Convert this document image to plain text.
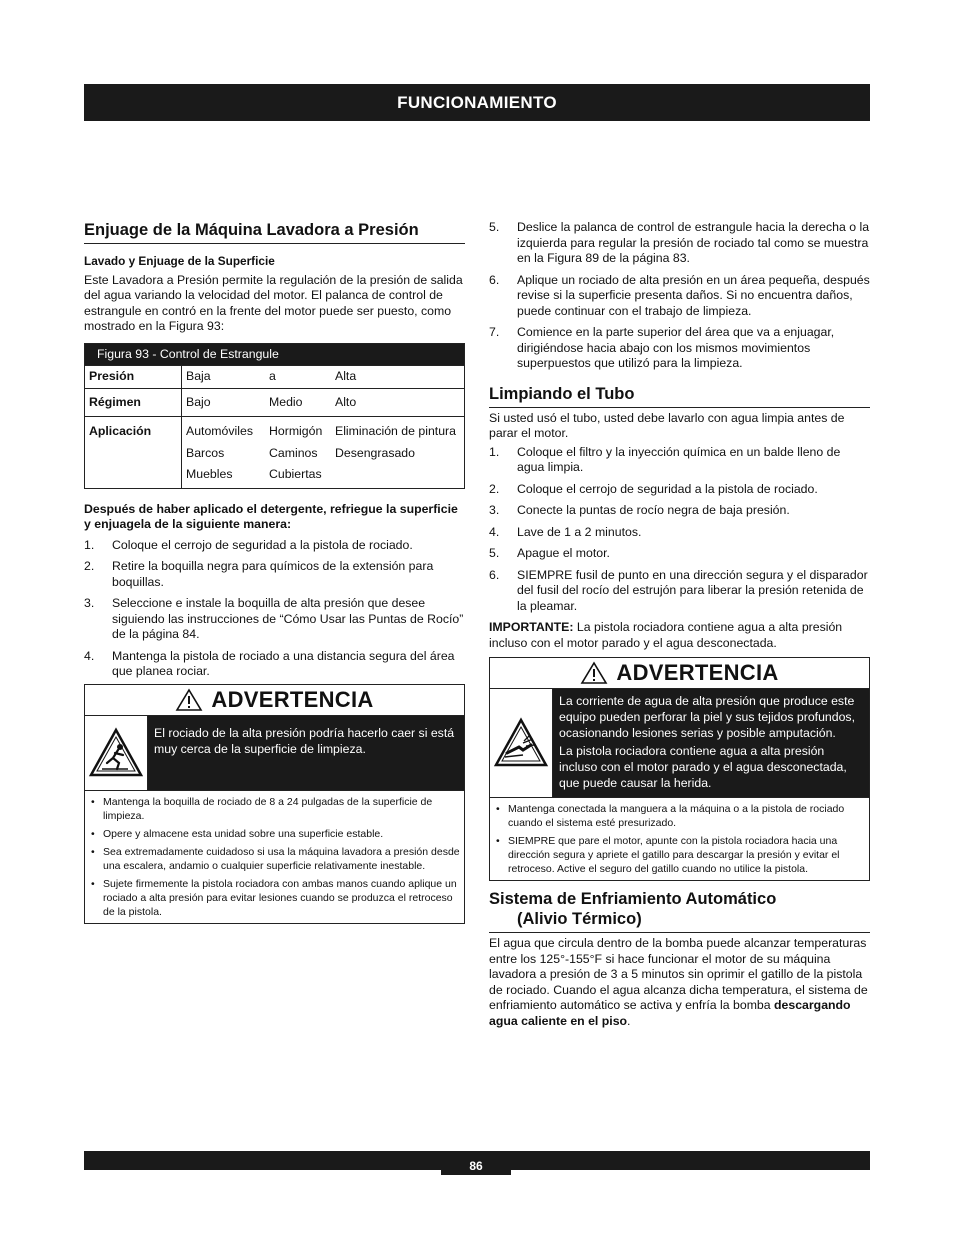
FUNCIONAMIENTO
Enjuage de la Máquina Lavadora a Presión
Lavado y Enjuage de la Superficie

Este Lavadora a Presión permite la regulación de la presión de salida del agua variando la velocidad del motor. El palanca de control de estrangule en contró en la frente del motor puede ser puesto, como mostrado en la Figura 93:

Figura 93 - Control de Estrangule
Presión	Baja	a	Alta
Régimen	Bajo	Medio	Alto
Aplicación	Automóviles	Hormigón	Eliminación de pintura
	Barcos	Caminos	Desengrasado
	Muebles	Cubiertas	

Después de haber aplicado el detergente, refriegue la superficie y enjuagela de la siguiente manera:

1. Coloque el cerrojo de seguridad a la pistola de rociado.
2. Retire la boquilla negra para químicos de la extensión para boquillas.
3. Seleccione e instale la boquilla de alta presión que desee siguiendo las instrucciones de “Cómo Usar las Puntas de Rocío” de la página 84.
4. Mantenga la pistola de rociado a una distancia segura del área que planea rociar.
ADVERTENCIA
El rociado de la alta presión podría hacerlo caer si está muy cerca de la superficie de limpieza.
• Mantenga la boquilla de rociado de 8 a 24 pulgadas de la superficie de limpieza.
• Opere y almacene esta unidad sobre una superficie estable.
• Sea extremadamente cuidadoso si usa la máquina lavadora a presión desde una escalera, andamio o cualquier superficie relativamente inestable.
• Sujete firmemente la pistola rociadora con ambas manos cuando aplique un rociado a alta presión para evitar lesiones cuando se produzca el retroceso de la pistola.
5. Deslice la palanca de control de estrangule hacia la derecha o la izquierda para regular la presión de rociado tal como se muestra en la Figura 89 de la página 83.
6. Aplique un rociado de alta presión en un área pequeña, después revise si la superficie presenta daños. Si no encuentra daños, puede continuar con el trabajo de limpieza.
7. Comience en la parte superior del área que va a enjuagar, dirigiéndose hacia abajo con los mismos movimientos superpuestos que utilizó para la limpieza.
Limpiando el Tubo

Si usted usó el tubo, usted debe lavarlo con agua limpia antes de parar el motor.

1. Coloque el filtro y la inyección química en un balde lleno de agua limpia.
2. Coloque el cerrojo de seguridad a la pistola de rociado.
3. Conecte la puntas de rocío negra de baja presión.
4. Lave de 1 a 2 minutos.
5. Apague el motor.
6. SIEMPRE fusil de punto en una dirección segura y el disparador del fusil del rocío del estrujón para liberar la presión retenida de la pleamar.

IMPORTANTE: La pistola rociadora contiene agua a alta presión incluso con el motor parado y el agua desconectada.

ADVERTENCIA
La corriente de agua de alta presión que produce este equipo pueden perforar la piel y sus tejidos profundos, ocasionando lesiones serias y posible amputación.
La pistola rociadora contiene agua a alta presión incluso con el motor parado y el agua desconectada, que puede causar la herida.
• Mantenga conectada la manguera a la máquina o a la pistola de rociado cuando el sistema esté presurizado.
• SIEMPRE que pare el motor, apunte con la pistola rociadora hacia una dirección segura y apriete el gatillo para descargar la presión y evitar el retroceso. Active el seguro del gatillo cuando no utilice la pistola.
Sistema de Enfriamiento Automático
(Alivio Térmico)

El agua que circula dentro de la bomba puede alcanzar temperaturas entre los 125°-155°F si hace funcionar el motor de su máquina lavadora a presión de 3 a 5 minutos sin oprimir el gatillo de la pistola de rociado. Cuando el agua alcanza dicha temperatura, el sistema de enfriamiento automático se activa y enfría la bomba descargando agua caliente en el piso.

86
